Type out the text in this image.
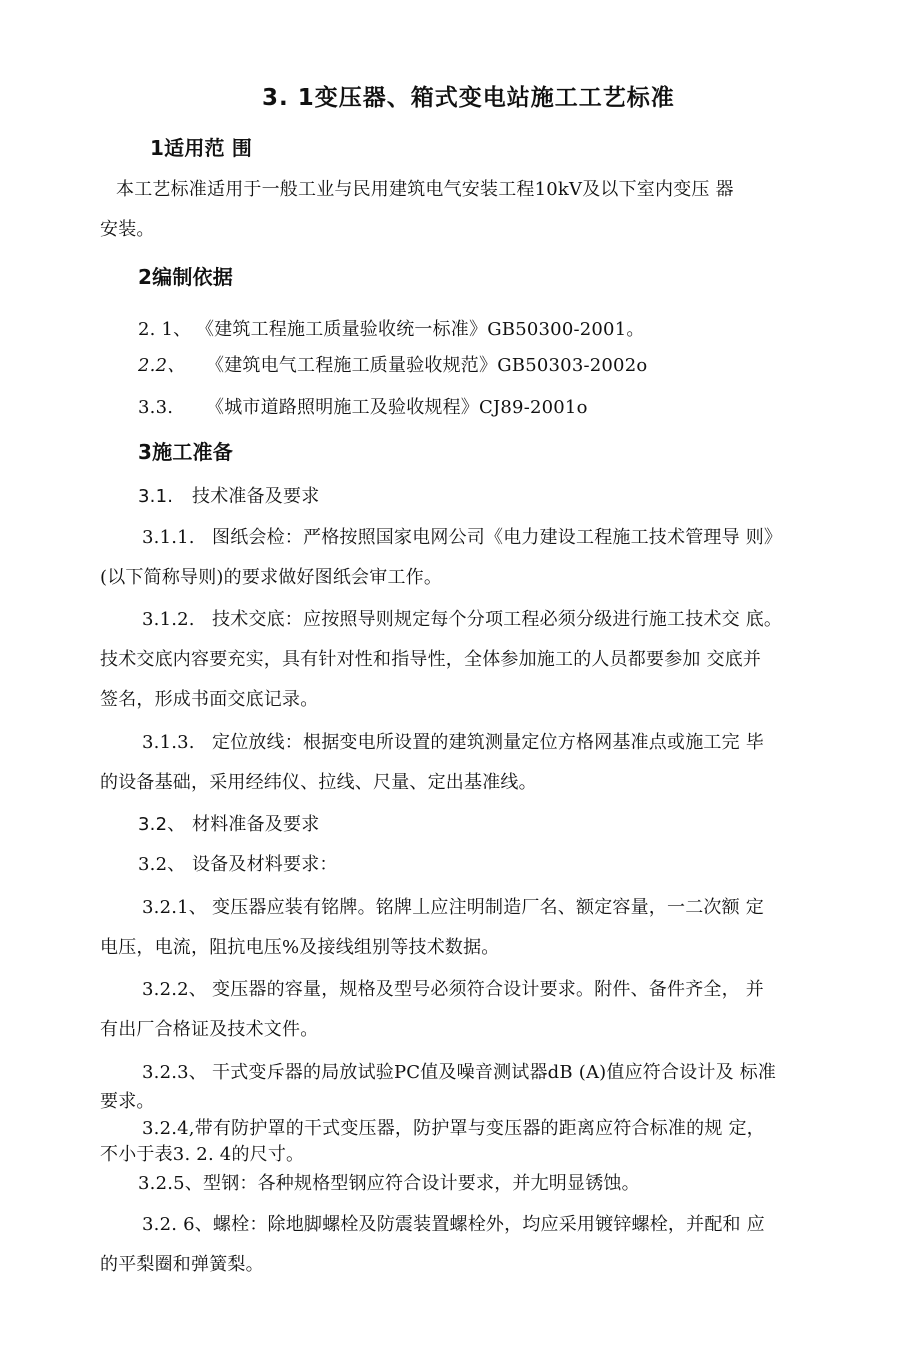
3. 1变压器、箱式变电站施工工艺标准
1适用范 围
本工艺标准适用于一般工业与民用建筑电气安装工程10kV及以下室内变压 器
安装。
2编制依据
2. 1、 《建筑工程施工质量验收统一标准》GB50300-2001。
2.2、 《建筑电气工程施工质量验收规范》GB50303-2002o
3.3. 《城市道路照明施工及验收规程》CJ89-2001o
3施工准备
3.1. 技术准备及要求
3.1.1. 图纸会检：严格按照国家电网公司《电力建设工程施工技术管理导 则》
(以下简称导则)的要求做好图纸会审工作。
3.1.2. 技术交底：应按照导则规定每个分项工程必须分级进行施工技术交 底。
技术交底内容要充实，具有针对性和指导性，全体参加施工的人员都要参加 交底并
签名，形成书面交底记录。
3.1.3. 定位放线：根据变电所设置的建筑测量定位方格网基准点或施工完 毕
的设备基础，采用经纬仪、拉线、尺量、定出基准线。
3.2、 材料准备及要求
3.2、 设备及材料要求：
3.2.1、 变压器应装有铭牌。铭牌丄应注明制造厂名、额定容量，一二次额 定
电压，电流，阻抗电压%及接线组别等技术数据。
3.2.2、 变压器的容量，规格及型号必须符合设计要求。附件、备件齐全， 并
有出厂合格证及技术文件。
3.2.3、 干式变斥器的局放试验PC值及噪音测试器dB (A)值应符合设计及 标准
要求。
3.2.4,带有防护罩的干式变压器，防护罩与变压器的距离应符合标准的规 定，
不小于表3. 2. 4的尺寸。
3.2.5、型钢：各种规格型钢应符合设计要求，并尢明显锈蚀。
3.2. 6、螺栓：除地脚螺栓及防震装置螺栓外，均应采用镀锌螺栓，并配和 应
的平梨圈和弹簧梨。
